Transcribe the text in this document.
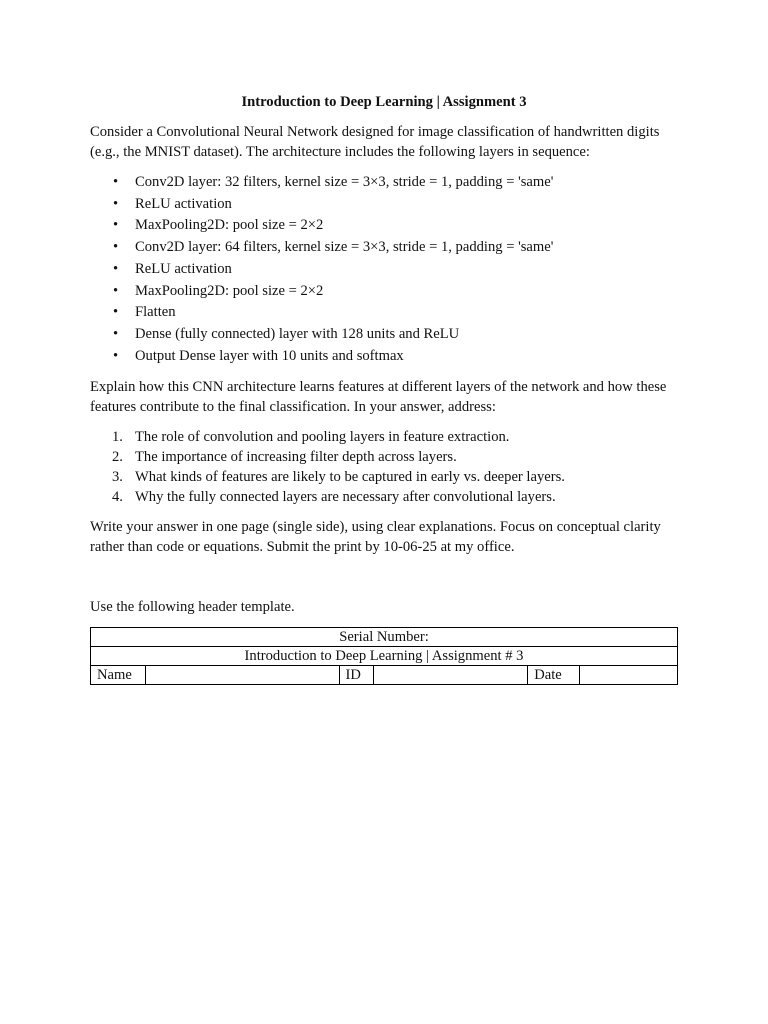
Introduction to Deep Learning | Assignment 3

Consider a Convolutional Neural Network designed for image classification of handwritten digits (e.g., the MNIST dataset). The architecture includes the following layers in sequence:

• Conv2D layer: 32 filters, kernel size = 3×3, stride = 1, padding = 'same'
• ReLU activation
• MaxPooling2D: pool size = 2×2
• Conv2D layer: 64 filters, kernel size = 3×3, stride = 1, padding = 'same'
• ReLU activation
• MaxPooling2D: pool size = 2×2
• Flatten
• Dense (fully connected) layer with 128 units and ReLU
• Output Dense layer with 10 units and softmax

Explain how this CNN architecture learns features at different layers of the network and how these features contribute to the final classification. In your answer, address:

1. The role of convolution and pooling layers in feature extraction.
2. The importance of increasing filter depth across layers.
3. What kinds of features are likely to be captured in early vs. deeper layers.
4. Why the fully connected layers are necessary after convolutional layers.

Write your answer in one page (single side), using clear explanations. Focus on conceptual clarity rather than code or equations. Submit the print by 10-06-25 at my office.

Use the following header template.

Serial Number:
Introduction to Deep Learning | Assignment # 3
Name		ID		Date	
